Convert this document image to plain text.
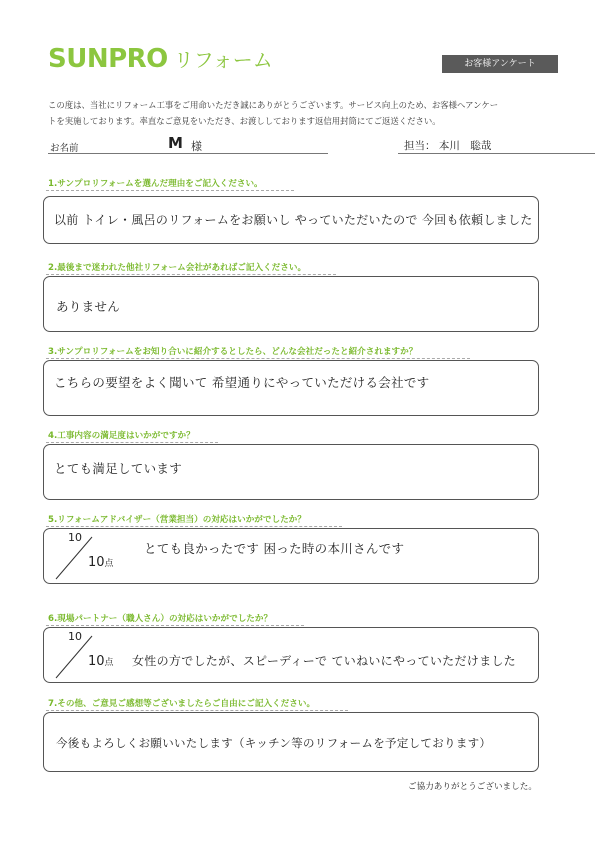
SUNPRO リフォーム	お客様アンケート
この度は、当社にリフォーム工事をご用命いただき誠にありがとうございます。サービス向上のため、お客様へアンケー
トを実施しております。率直なご意見をいただき、お渡ししております返信用封筒にてご返送ください。
お名前	M 様	担当： 本川　聡哉
1.サンプロリフォームを選んだ理由をご記入ください。
以前 トイレ・風呂のリフォームをお願いし やっていただいたので 今回も依頼しました
2.最後まで迷われた他社リフォーム会社があればご記入ください。
ありません
3.サンプロリフォームをお知り合いに紹介するとしたら、どんな会社だったと紹介されますか？
こちらの要望をよく聞いて 希望通りにやっていただける会社です
4.工事内容の満足度はいかがですか？
とても満足しています
5.リフォームアドバイザー（営業担当）の対応はいかがでしたか？
10
10点
とても良かったです 困った時の本川さんです
6.現場パートナー（職人さん）の対応はいかがでしたか？
10
10点 女性の方でしたが、スピーディーで ていねいにやっていただけました
7.その他、ご意見ご感想等ございましたらご自由にご記入ください。
今後もよろしくお願いいたします（キッチン等のリフォームを予定しております）
ご協力ありがとうございました。
